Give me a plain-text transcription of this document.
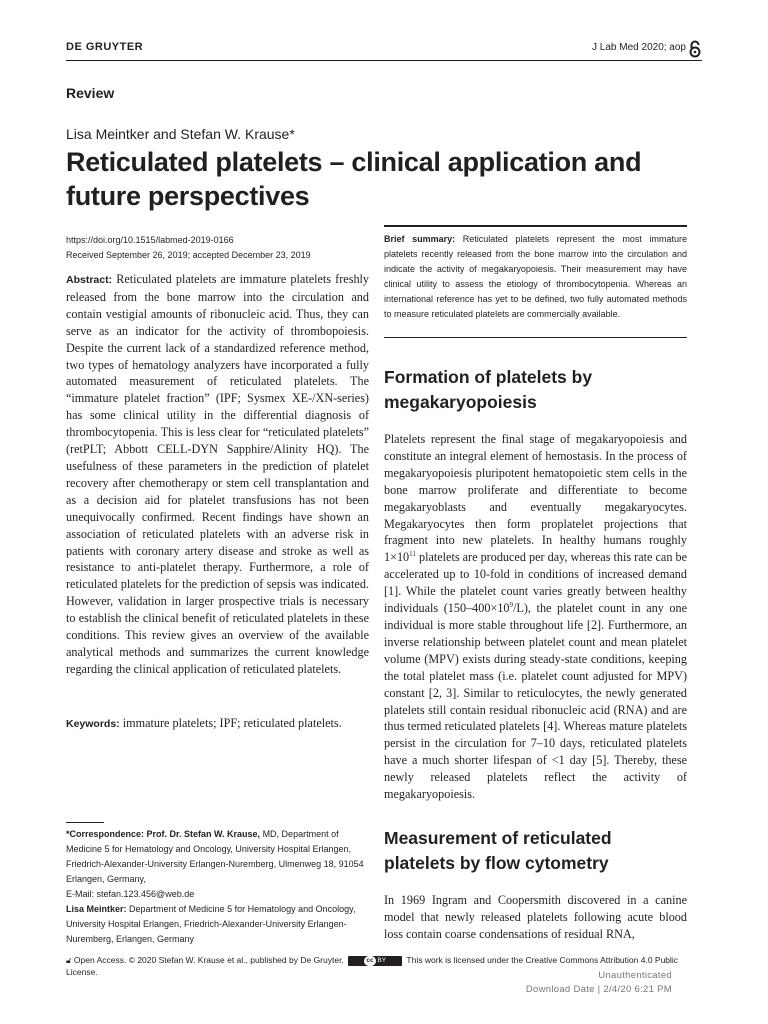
DE GRUYTER	J Lab Med 2020; aop
Review
Lisa Meintker and Stefan W. Krause*
Reticulated platelets – clinical application and future perspectives
https://doi.org/10.1515/labmed-2019-0166
Received September 26, 2019; accepted December 23, 2019
Abstract: Reticulated platelets are immature platelets freshly released from the bone marrow into the circulation and contain vestigial amounts of ribonucleic acid. Thus, they can serve as an indicator for the activity of thrombopoiesis. Despite the current lack of a standardized reference method, two types of hematology analyzers have incorporated a fully automated measurement of reticulated platelets. The “immature platelet fraction” (IPF; Sysmex XE-/XN-series) has some clinical utility in the differential diagnosis of thrombocytopenia. This is less clear for “reticulated platelets” (retPLT; Abbott CELL-DYN Sapphire/Alinity HQ). The usefulness of these parameters in the prediction of platelet recovery after chemotherapy or stem cell transplantation and as a decision aid for platelet transfusions has not been unequivocally confirmed. Recent findings have shown an association of reticulated platelets with an adverse risk in patients with coronary artery disease and stroke as well as resistance to anti-platelet therapy. Furthermore, a role of reticulated platelets for the prediction of sepsis was indicated. However, validation in larger prospective trials is necessary to establish the clinical benefit of reticulated platelets in these conditions. This review gives an overview of the available analytical methods and summarizes the current knowledge regarding the clinical application of reticulated platelets.
Keywords: immature platelets; IPF; reticulated platelets.
*Correspondence: Prof. Dr. Stefan W. Krause, MD, Department of Medicine 5 for Hematology and Oncology, University Hospital Erlangen, Friedrich-Alexander-University Erlangen-Nuremberg, Ulmenweg 18, 91054 Erlangen, Germany,
E-Mail: stefan.123.456@web.de
Lisa Meintker: Department of Medicine 5 for Hematology and Oncology, University Hospital Erlangen, Friedrich-Alexander-University Erlangen-Nuremberg, Erlangen, Germany
Brief summary: Reticulated platelets represent the most immature platelets recently released from the bone marrow into the circulation and indicate the activity of megakaryopoiesis. Their measurement may have clinical utility to assess the etiology of thrombocytopenia. Whereas an international reference has yet to be defined, two fully automated methods to measure reticulated platelets are commercially available.
Formation of platelets by megakaryopoiesis
Platelets represent the final stage of megakaryopoiesis and constitute an integral element of hemostasis. In the process of megakaryopoiesis pluripotent hematopoietic stem cells in the bone marrow proliferate and differentiate to become megakaryoblasts and eventually megakaryocytes. Megakaryocytes then form proplatelet projections that fragment into new platelets. In healthy humans roughly $1\times 10^{11}$ platelets are produced per day, whereas this rate can be accelerated up to 10-fold in conditions of increased demand [1]. While the platelet count varies greatly between healthy individuals $(150-400\times 10^9/L)$, the platelet count in any one individual is more stable throughout life [2]. Furthermore, an inverse relationship between platelet count and mean platelet volume (MPV) exists during steady-state conditions, keeping the total platelet mass (i.e. platelet count adjusted for MPV) constant [2, 3]. Similar to reticulocytes, the newly generated platelets still contain residual ribonucleic acid (RNA) and are thus termed reticulated platelets [4]. Whereas mature platelets persist in the circulation for 7–10 days, reticulated platelets have a much shorter lifespan of <1 day [5]. Thereby, these newly released platelets reflect the activity of megakaryopoiesis.
Measurement of reticulated platelets by flow cytometry
In 1969 Ingram and Coopersmith discovered in a canine model that newly released platelets following acute blood loss contain coarse condensations of residual RNA,
🔓︎ Open Access. © 2020 Stefan W. Krause et al., published by De Gruyter.	cc BY This work is licensed under the Creative Commons Attribution 4.0 Public License.	Unauthenticated
Download Date | 2/4/20 6:21 PM
